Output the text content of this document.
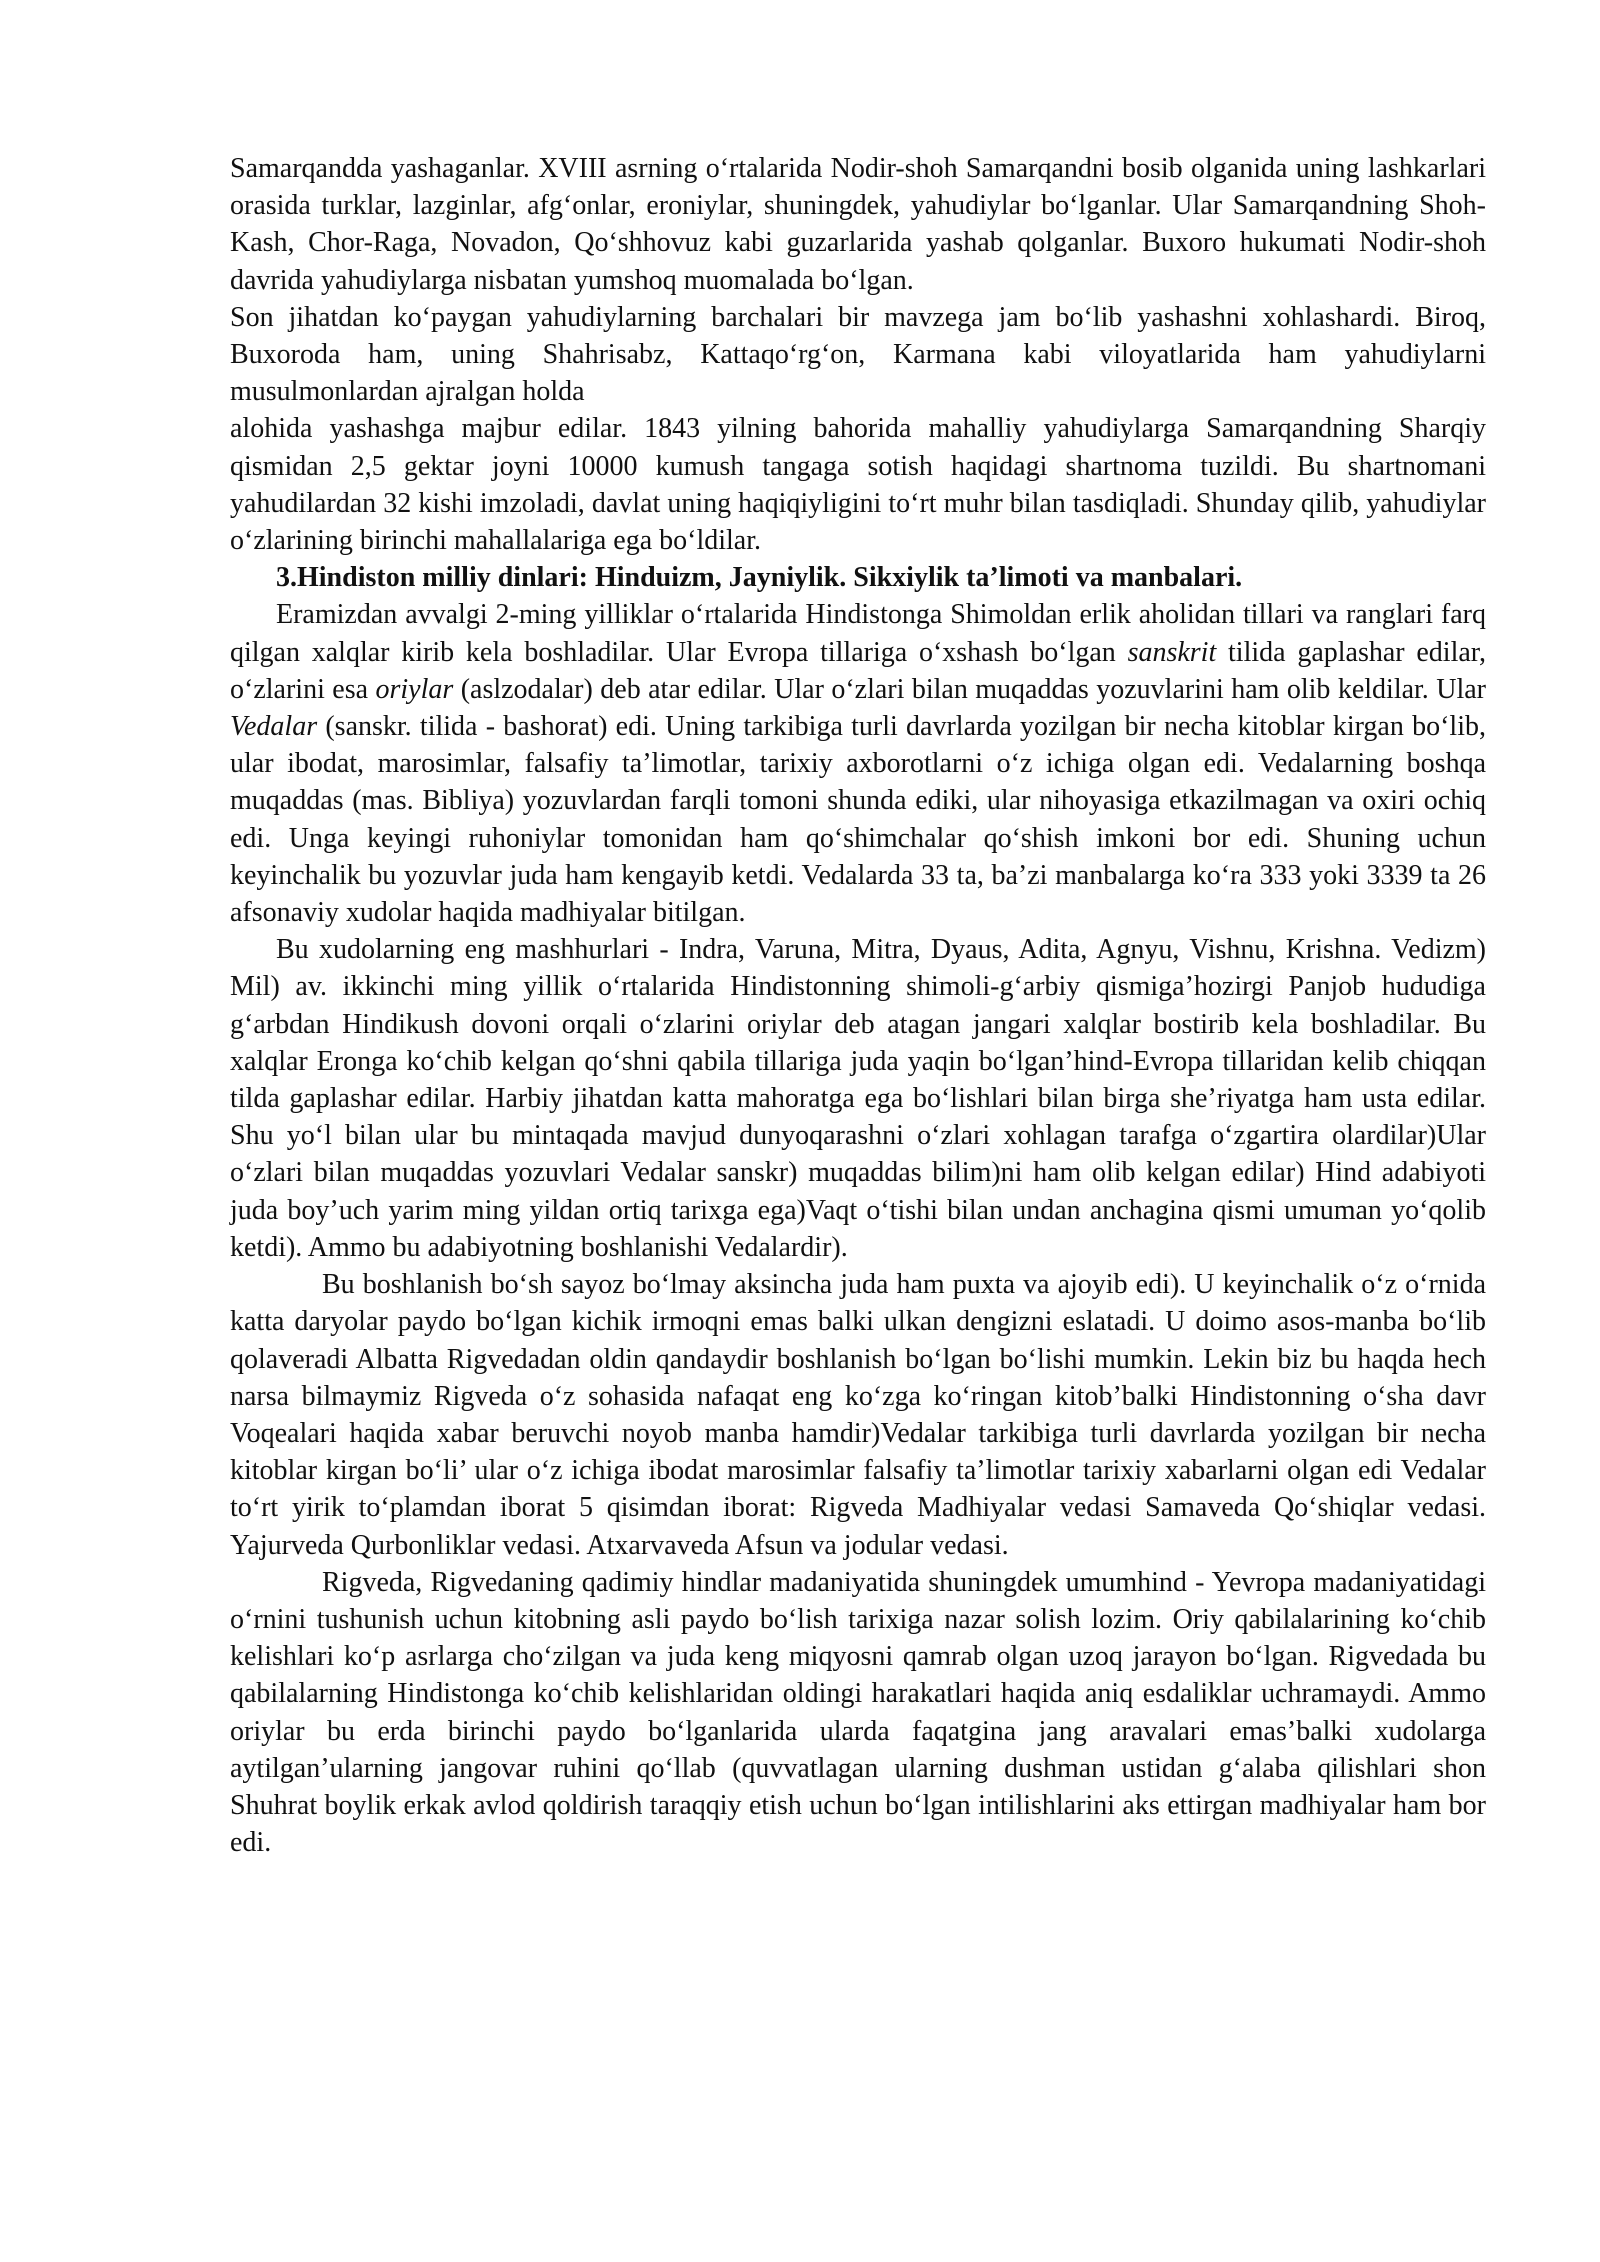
Samarqandda yashaganlar. XVIII asrning o‘rtalarida Nodir-shoh Samarqandni bosib olganida uning lashkarlari orasida turklar, lazginlar, afg‘onlar, eroniylar, shuningdek, yahudiylar bo‘lganlar. Ular Samarqandning Shoh-Kash, Chor-Raga, Novadon, Qo‘shhovuz kabi guzarlarida yashab qolganlar. Buxoro hukumati Nodir-shoh davrida yahudiylarga nisbatan yumshoq muomalada bo‘lgan.

Son jihatdan ko‘paygan yahudiylarning barchalari bir mavzega jam bo‘lib yashashni xohlashardi. Biroq, Buxoroda ham, uning Shahrisabz, Kattaqo‘rg‘on, Karmana kabi viloyatlarida ham yahudiylarni musulmonlardan ajralgan holda

alohida yashashga majbur edilar. 1843 yilning bahorida mahalliy yahudiylarga Samarqandning Sharqiy qismidan 2,5 gektar joyni 10000 kumush tangaga sotish haqidagi shartnoma tuzildi. Bu shartnomani yahudilardan 32 kishi imzoladi, davlat uning haqiqiyligini to‘rt muhr bilan tasdiqladi. Shunday qilib, yahudiylar o‘zlarining birinchi mahallalariga ega bo‘ldilar.

3.Hindiston milliy dinlari: Hinduizm, Jayniylik. Sikxiylik ta’limoti va manbalari.

Eramizdan avvalgi 2-ming yilliklar o‘rtalarida Hindistonga Shimoldan erlik aholidan tillari va ranglari farq qilgan xalqlar kirib kela boshladilar. Ular Evropa tillariga o‘xshash bo‘lgan sanskrit tilida gaplashar edilar, o‘zlarini esa oriylar (aslzodalar) deb atar edilar. Ular o‘zlari bilan muqaddas yozuvlarini ham olib keldilar. Ular Vedalar (sanskr. tilida - bashorat) edi. Uning tarkibiga turli davrlarda yozilgan bir necha kitoblar kirgan bo‘lib, ular ibodat, marosimlar, falsafiy ta’limotlar, tarixiy axborotlarni o‘z ichiga olgan edi. Vedalarning boshqa muqaddas (mas. Bibliya) yozuvlardan farqli tomoni shunda ediki, ular nihoyasiga etkazilmagan va oxiri ochiq edi. Unga keyingi ruhoniylar tomonidan ham qo‘shimchalar qo‘shish imkoni bor edi. Shuning uchun keyinchalik bu yozuvlar juda ham kengayib ketdi. Vedalarda 33 ta, ba’zi manbalarga ko‘ra 333 yoki 3339 ta 26 afsonaviy xudolar haqida madhiyalar bitilgan.

Bu xudolarning eng mashhurlari - Indra, Varuna, Mitra, Dyaus, Adita, Agnyu, Vishnu, Krishna. Vedizm) Mil) av. ikkinchi ming yillik o‘rtalarida Hindistonning shimoli-g‘arbiy qismiga’hozirgi Panjob hududiga g‘arbdan Hindikush dovoni orqali o‘zlarini oriylar deb atagan jangari xalqlar bostirib kela boshladilar. Bu xalqlar Eronga ko‘chib kelgan qo‘shni qabila tillariga juda yaqin bo‘lgan’hind-Evropa tillaridan kelib chiqqan tilda gaplashar edilar. Harbiy jihatdan katta mahoratga ega bo‘lishlari bilan birga she’riyatga ham usta edilar. Shu yo‘l bilan ular bu mintaqada mavjud dunyoqarashni o‘zlari xohlagan tarafga o‘zgartira olardilar)Ular o‘zlari bilan muqaddas yozuvlari Vedalar sanskr) muqaddas bilim)ni ham olib kelgan edilar) Hind adabiyoti juda boy’uch yarim ming yildan ortiq tarixga ega)Vaqt o‘tishi bilan undan anchagina qismi umuman yo‘qolib ketdi). Ammo bu adabiyotning boshlanishi Vedalardir).

Bu boshlanish bo‘sh sayoz bo‘lmay aksincha juda ham puxta va ajoyib edi). U keyinchalik o‘z o‘rnida katta daryolar paydo bo‘lgan kichik irmoqni emas balki ulkan dengizni eslatadi. U doimo asos-manba bo‘lib qolaveradi Albatta Rigvedadan oldin qandaydir boshlanish bo‘lgan bo‘lishi mumkin. Lekin biz bu haqda hech narsa bilmaymiz Rigveda o‘z sohasida nafaqat eng ko‘zga ko‘ringan kitob’balki Hindistonning o‘sha davr Voqealari haqida xabar beruvchi noyob manba hamdir)Vedalar tarkibiga turli davrlarda yozilgan bir necha kitoblar kirgan bo‘li’ ular o‘z ichiga ibodat marosimlar falsafiy ta’limotlar tarixiy xabarlarni olgan edi Vedalar to‘rt yirik to‘plamdan iborat 5 qisimdan iborat: Rigveda Madhiyalar vedasi Samaveda Qo‘shiqlar vedasi. Yajurveda Qurbonliklar vedasi. Atxarvaveda Afsun va jodular vedasi.

Rigveda, Rigvedaning qadimiy hindlar madaniyatida shuningdek umumhind - Yevropa madaniyatidagi o‘rnini tushunish uchun kitobning asli paydo bo‘lish tarixiga nazar solish lozim. Oriy qabilalarining ko‘chib kelishlari ko‘p asrlarga cho‘zilgan va juda keng miqyosni qamrab olgan uzoq jarayon bo‘lgan. Rigvedada bu qabilalarning Hindistonga ko‘chib kelishlaridan oldingi harakatlari haqida aniq esdaliklar uchramaydi. Ammo oriylar bu erda birinchi paydo bo‘lganlarida ularda faqatgina jang aravalari emas’balki xudolarga aytilgan’ularning jangovar ruhini qo‘llab (quvvatlagan ularning dushman ustidan g‘alaba qilishlari shon Shuhrat boylik erkak avlod qoldirish taraqqiy etish uchun bo‘lgan intilishlarini aks ettirgan madhiyalar ham bor edi.
